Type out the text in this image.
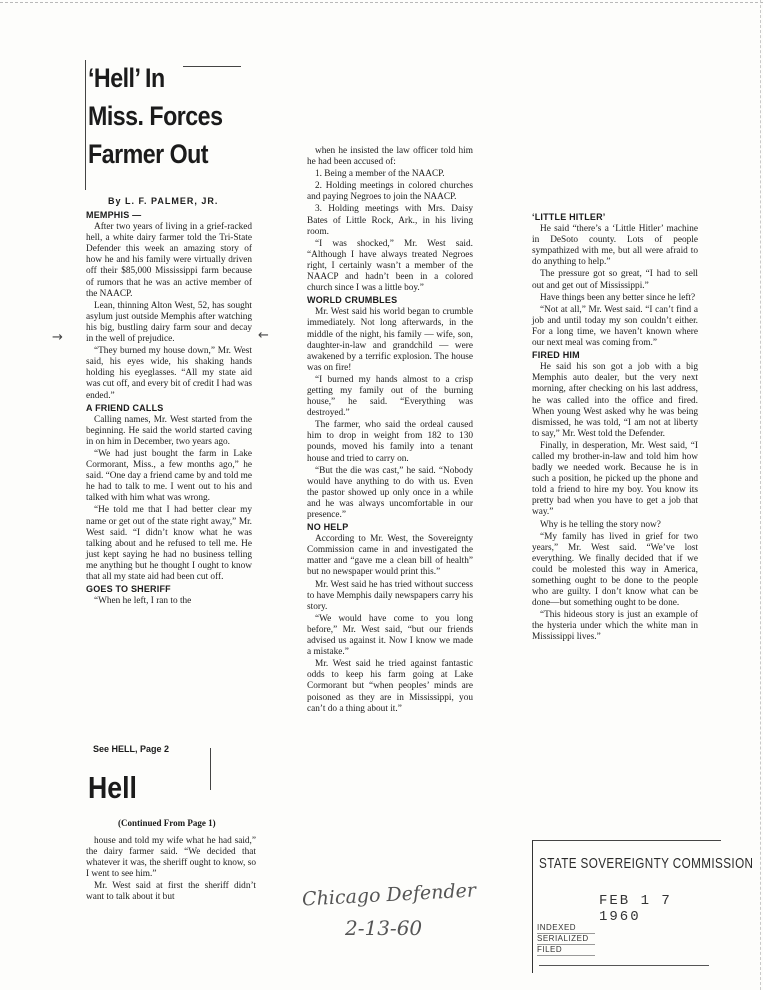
‘Hell’ In
Miss. Forces
Farmer Out
By L. F. PALMER, JR.

MEMPHIS —

After two years of living in a grief-racked hell, a white dairy farmer told the Tri-State Defender this week an amazing story of how he and his family were virtually driven off their $85,000 Mississippi farm because of rumors that he was an active member of the NAACP.

Lean, thinning Alton West, 52, has sought asylum just outside Memphis after watching his big, bustling dairy farm sour and decay in the well of prejudice.

“They burned my house down,” Mr. West said, his eyes wide, his shaking hands holding his eyeglasses. “All my state aid was cut off, and every bit of credit I had was ended.”

A FRIEND CALLS

Calling names, Mr. West started from the beginning. He said the world started caving in on him in December, two years ago.

“We had just bought the farm in Lake Cormorant, Miss., a few months ago,” he said. “One day a friend came by and told me he had to talk to me. I went out to his and talked with him what was wrong.

“He told me that I had better clear my name or get out of the state right away,” Mr. West said. “I didn’t know what he was talking about and he refused to tell me. He just kept saying he had no business telling me anything but he thought I ought to know that all my state aid had been cut off.

GOES TO SHERIFF

“When he left, I ran to the

→	←
See HELL, Page 2
Hell
(Continued From Page 1)

house and told my wife what he had said,” the dairy farmer said. “We decided that whatever it was, the sheriff ought to know, so I went to see him.”

Mr. West said at first the sheriff didn’t want to talk about it but

when he insisted the law officer told him he had been accused of:

1. Being a member of the NAACP.

2. Holding meetings in colored churches and paying Negroes to join the NAACP.

3. Holding meetings with Mrs. Daisy Bates of Little Rock, Ark., in his living room.

“I was shocked,” Mr. West said. “Although I have always treated Negroes right, I certainly wasn’t a member of the NAACP and hadn’t been in a colored church since I was a little boy.”

WORLD CRUMBLES

Mr. West said his world began to crumble immediately. Not long afterwards, in the middle of the night, his family — wife, son, daughter-in-law and grandchild — were awakened by a terrific explosion. The house was on fire!

“I burned my hands almost to a crisp getting my family out of the burning house,” he said. “Everything was destroyed.”

The farmer, who said the ordeal caused him to drop in weight from 182 to 130 pounds, moved his family into a tenant house and tried to carry on.

“But the die was cast,” he said. “Nobody would have anything to do with us. Even the pastor showed up only once in a while and he was always uncomfortable in our presence.”

NO HELP

According to Mr. West, the Sovereignty Commission came in and investigated the matter and “gave me a clean bill of health” but no newspaper would print this.”

Mr. West said he has tried without success to have Memphis daily newspapers carry his story.

“We would have come to you long before,” Mr. West said, “but our friends advised us against it. Now I know we made a mistake.”

Mr. West said he tried against fantastic odds to keep his farm going at Lake Cormorant but “when peoples’ minds are poisoned as they are in Mississippi, you can’t do a thing about it.”

‘LITTLE HITLER’

He said “there’s a ‘Little Hitler’ machine in DeSoto county. Lots of people sympathized with me, but all were afraid to do anything to help.”

The pressure got so great, “I had to sell out and get out of Mississippi.”

Have things been any better since he left?

“Not at all,” Mr. West said. “I can’t find a job and until today my son couldn’t either. For a long time, we haven’t known where our next meal was coming from.”

FIRED HIM

He said his son got a job with a big Memphis auto dealer, but the very next morning, after checking on his last address, he was called into the office and fired. When young West asked why he was being dismissed, he was told, “I am not at liberty to say,” Mr. West told the Defender.

Finally, in desperation, Mr. West said, “I called my brother-in-law and told him how badly we needed work. Because he is in such a position, he picked up the phone and told a friend to hire my boy. You know its pretty bad when you have to get a job that way.”

Why is he telling the story now?

“My family has lived in grief for two years,” Mr. West said. “We’ve lost everything. We finally decided that if we could be molested this way in America, something ought to be done to the people who are guilty. I don’t know what can be done—but something ought to be done.

“This hideous story is just an example of the hysteria under which the white man in Mississippi lives.”

STATE SOVEREIGNTY COMMISSION
FEB 1 7 1960
INDEXED
SERIALIZED
FILED
Chicago Defender
2-13-60
